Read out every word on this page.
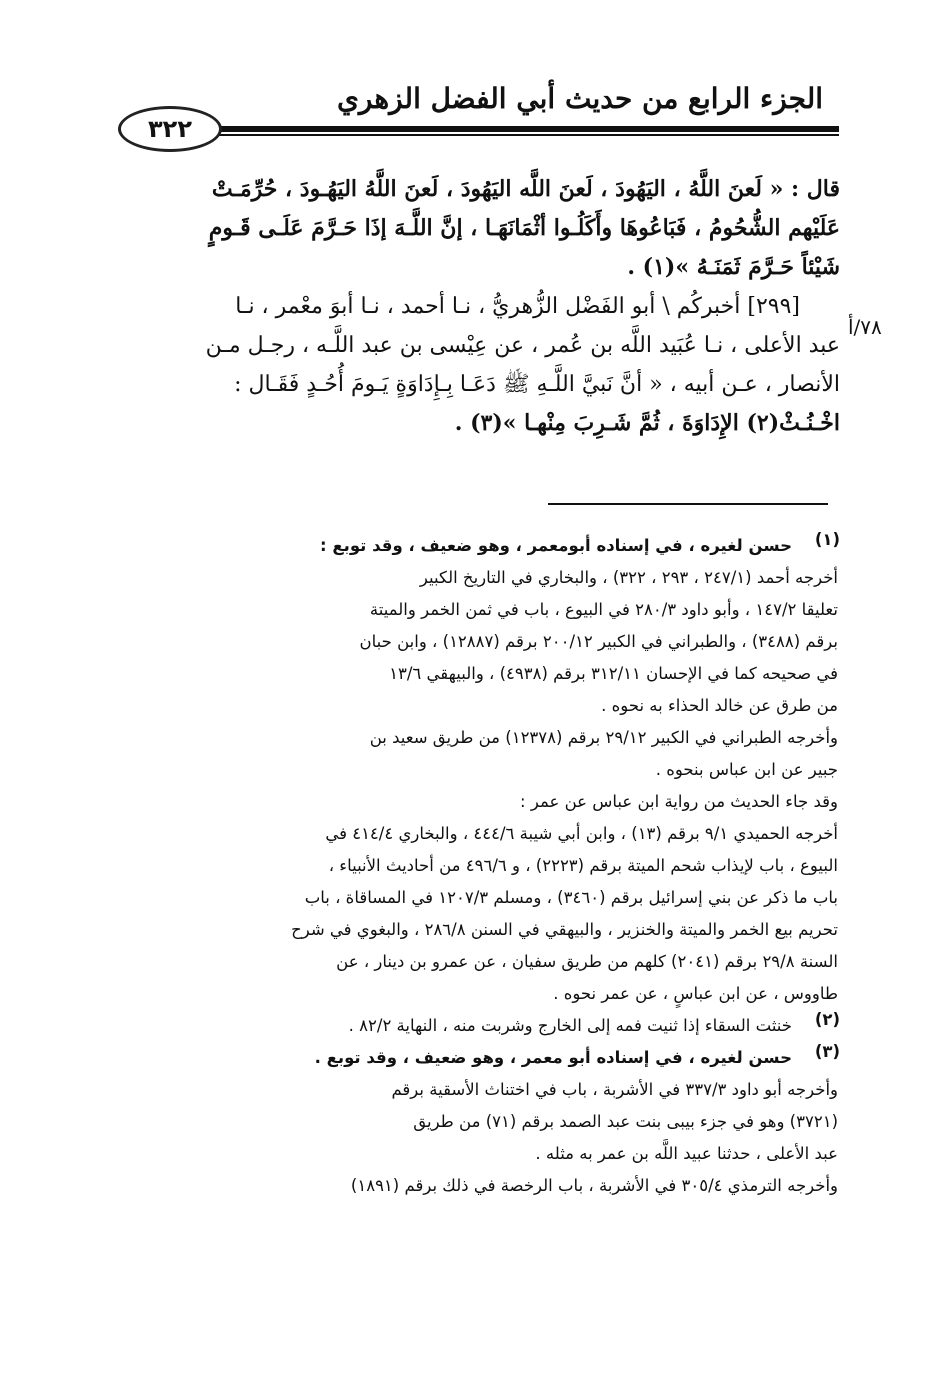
الجزء الرابع من حديث أبي الفضل الزهري
٣٢٢
٧٨/أ
قال : « لَعنَ اللَّهُ ، اليَهُودَ ، لَعنَ اللَّه اليَهُودَ ، لَعنَ اللَّهُ اليَهُـودَ ، حُرِّمَـتْ
عَلَيْهم الشُّحُومُ ، فَبَاعُوهَا وأَكَلُـوا أثْمَانَهَـا ، إنَّ اللَّـهَ إذَا حَـرَّمَ عَلَـى قَـومٍ
شَيْئاً حَـرَّمَ ثَمَنَـهُ »(١) .
[٢٩٩] أخبركُم \ أبو الفَضْل الزُّهريُّ ، نـا أحمد ، نـا أبوَ معْمر ، نـا
عبد الأعلى ، نـا عُبَيد اللَّه بن عُمر ، عن عِيْسى بن عبد اللَّـه ، رجـل مـن
الأنصار ، عـن أبيه ، « أنَّ نَبيَّ اللَّـهِ ﷺ دَعَـا بِـإِدَاوَةٍ يَـومَ أُحُـدٍ فَقَـال :
اخْـنُـثْ(٢) الإِدَاوَةَ ، ثُمَّ شَـرِبَ مِنْهـا »(٣) .
(١)
حسن لغيره ، في إسناده أبومعمر ، وهو ضعيف ، وقد توبع :
أخرجه أحمد (٢٤٧/١ ، ٢٩٣ ، ٣٢٢) ، والبخاري في التاريخ الكبير
تعليقا ١٤٧/٢ ، وأبو داود ٢٨٠/٣ في البيوع ، باب في ثمن الخمر والميتة
برقم (٣٤٨٨) ، والطبراني في الكبير ٢٠٠/١٢ برقم (١٢٨٨٧) ، وابن حبان
في صحيحه كما في الإحسان ٣١٢/١١ برقم (٤٩٣٨) ، والبيهقي ١٣/٦
من طرق عن خالد الحذاء به نحوه .
وأخرجه الطبراني في الكبير ٢٩/١٢ برقم (١٢٣٧٨) من طريق سعيد بن
جبير عن ابن عباس بنحوه .
وقد جاء الحديث من رواية ابن عباس عن عمر :
أخرجه الحميدي ٩/١ برقم (١٣) ، وابن أبي شيبة ٤٤٤/٦ ، والبخاري ٤١٤/٤ في
البيوع ، باب لإيذاب شحم الميتة برقم (٢٢٢٣) ، و ٤٩٦/٦ من أحاديث الأنبياء ،
باب ما ذكر عن بني إسرائيل برقم (٣٤٦٠) ، ومسلم ١٢٠٧/٣ في المساقاة ، باب
تحريم بيع الخمر والميتة والخنزير ، والبيهقي في السنن ٢٨٦/٨ ، والبغوي في شرح
السنة ٢٩/٨ برقم (٢٠٤١) كلهم من طريق سفيان ، عن عمرو بن دينار ، عن
طاووس ، عن ابن عباسٍ ، عن عمر نحوه .
(٢)
خنثت السقاء إذا ثنيت فمه إلى الخارج وشربت منه ، النهاية ٨٢/٢ .
(٣)
حسن لغيره ، في إسناده أبو معمر ، وهو ضعيف ، وقد توبع .
وأخرجه أبو داود ٣٣٧/٣ في الأشربة ، باب في اختناث الأسقية برقم
(٣٧٢١) وهو في جزء بيبى بنت عبد الصمد برقم (٧١) من طريق
عبد الأعلى ، حدثنا عبيد اللَّه بن عمر به مثله .
وأخرجه الترمذي ٣٠٥/٤ في الأشربة ، باب الرخصة في ذلك برقم (١٨٩١)
